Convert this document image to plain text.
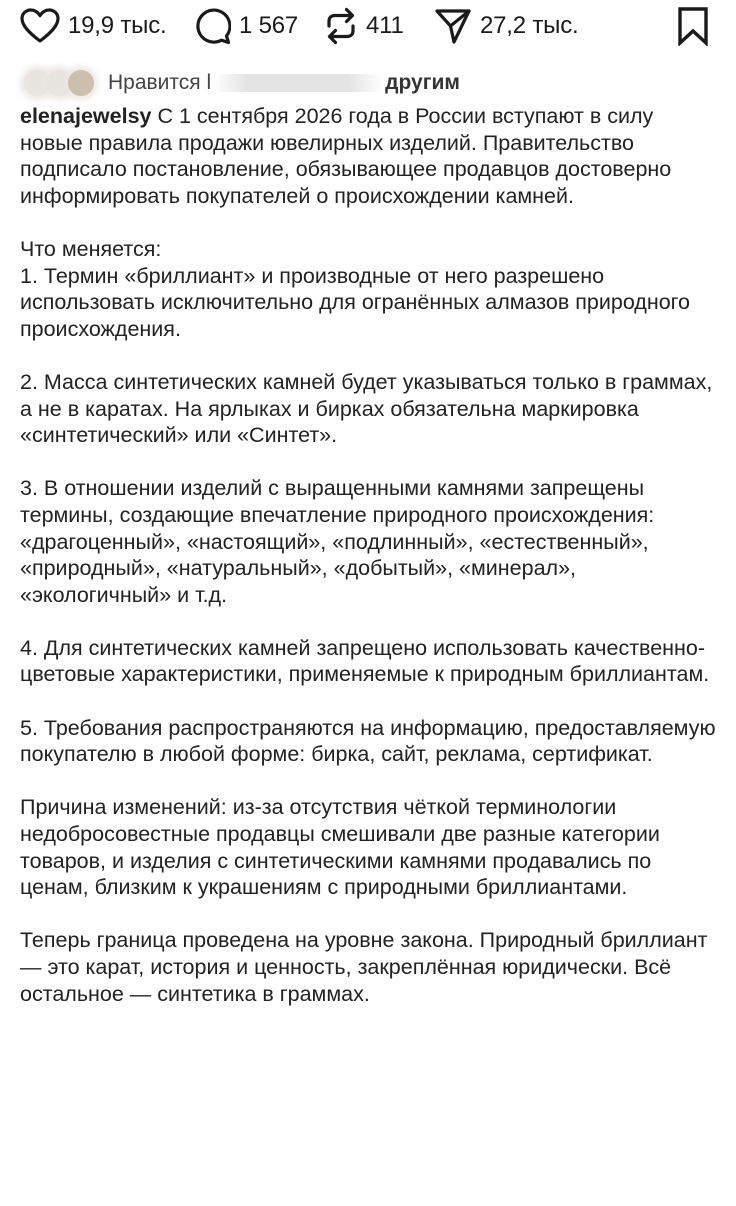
19,9 тыс.	1 567	411	27,2 тыс.
Нравится l	другим

elenajewelsy С 1 сентября 2026 года в России вступают в силу новые правила продажи ювелирных изделий. Правительство подписало постановление, обязывающее продавцов достоверно информировать покупателей о происхождении камней.

Что меняется:

1. Термин «бриллиант» и производные от него разрешено использовать исключительно для огранённых алмазов природного происхождения.

2. Масса синтетических камней будет указываться только в граммах, а не в каратах. На ярлыках и бирках обязательна маркировка «синтетический» или «Синтет».

3. В отношении изделий с выращенными камнями запрещены термины, создающие впечатление природного происхождения: «драгоценный», «настоящий», «подлинный», «естественный», «природный», «натуральный», «добытый», «минерал», «экологичный» и т.д.

4. Для синтетических камней запрещено использовать качественно-цветовые характеристики, применяемые к природным бриллиантам.

5. Требования распространяются на информацию, предоставляемую покупателю в любой форме: бирка, сайт, реклама, сертификат.

Причина изменений: из-за отсутствия чёткой терминологии недобросовестные продавцы смешивали две разные категории товаров, и изделия с синтетическими камнями продавались по ценам, близким к украшениям с природными бриллиантами.

Теперь граница проведена на уровне закона. Природный бриллиант — это карат, история и ценность, закреплённая юридически. Всё остальное — синтетика в граммах.
